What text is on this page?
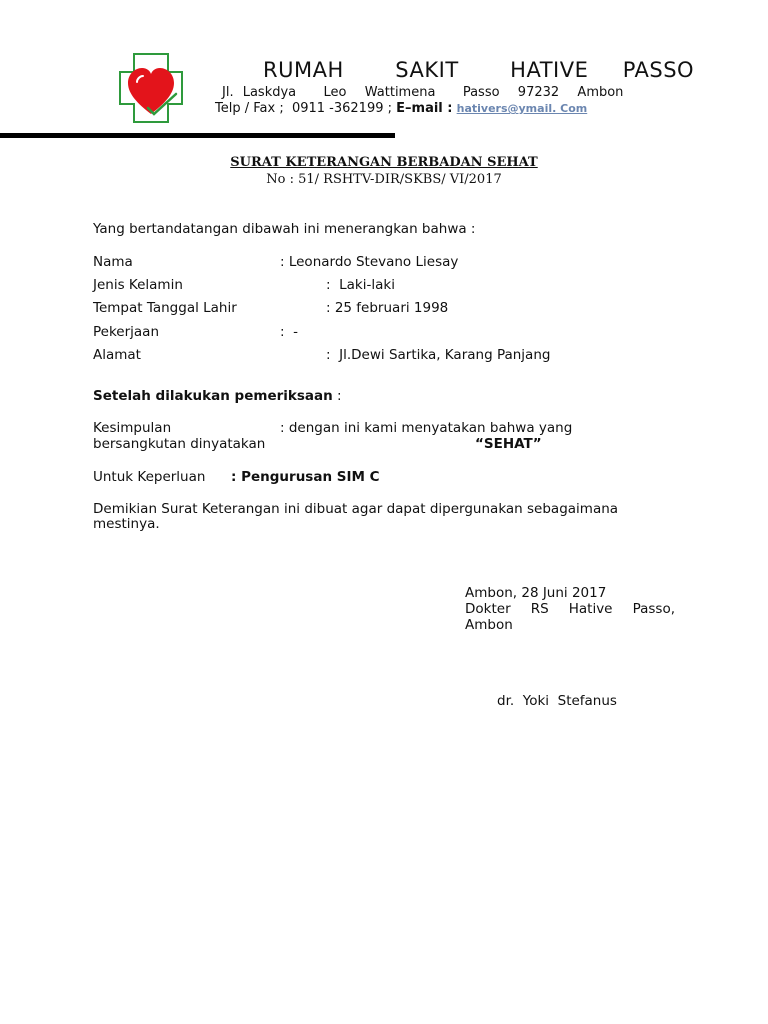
RUMAH   SAKIT   HATIVE  PASSO
Jl. Laskdya   Leo  Wattimena   Passo  97232  Ambon
Telp / Fax ;  0911 -362199 ; E–mail : hativers@ymail. Com
SURAT KETERANGAN BERBADAN SEHAT
No : 51/ RSHTV-DIR/SKBS/ VI/2017
Yang bertandatangan dibawah ini menerangkan bahwa :
Nama	: Leonardo Stevano Liesay
Jenis Kelamin	:  Laki-laki
Tempat Tanggal Lahir	: 25 februari 1998
Pekerjaan	:  -
Alamat	:  Jl.Dewi Sartika, Karang Panjang
Setelah dilakukan pemeriksaan :
Kesimpulan	: dengan ini kami menyatakan bahwa yang
bersangkutan dinyatakan	“SEHAT”
Untuk Keperluan : Pengurusan SIM C
Demikian Surat Keterangan ini dibuat agar dapat dipergunakan sebagaimana mestinya.
Ambon, 28 Juni 2017
Dokter   RS   Hative   Passo,
Ambon
dr.  Yoki  Stefanus
